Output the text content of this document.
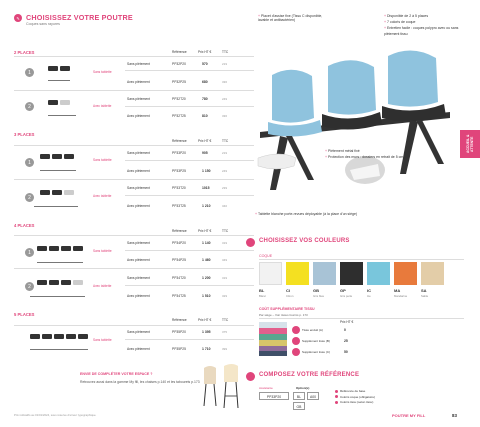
✎ CHOISISSEZ VOTRE POUTRE
Coques sans rayures
2 PLACES	Référence	Prix HT €	TTC
1	Sans tablette
Sans piètement	PP32P20	570	219
Avec piètement	PP32P25	680	336
2	Avec tablette
Sans piètement	PP32T20	780	249
Avec piètement	PP32T25	810	336
3 PLACES
Référence	Prix HT €	TTC
1	Sans tablette
Sans piètement	PP33P20	905	219
Avec piètement	PP33P25	1 150	249
2	Avec tablette
Sans piètement	PP33T20	1015	239
Avec piètement	PP33T25	1 210	340
4 PLACES
Référence	Prix HT €	TTC
1	Sans tablette
Sans piètement	PP34P20	1 140	319
Avec piètement	PP34P25	1 460	349
2	Avec tablette
Sans piètement	PP34T20	1 200	319
Avec piètement	PP34T25	1 510	329
5 PLACES
Référence	Prix HT €	TTC
Sans tablette
Sans piètement	PP35P20	1 395	375
Avec piètement	PP35P25	1 710	399
ENVIE DE COMPLÉTER VOTRE ESPACE ?
Retrouvez aussi dans la gamme My fill, les chaises p.140 et les tabourets p.173
Prix indicatifs au 01/01/2024, sous réserve d'erreur typographique.
+ Placet d'assise fixe (Tissu C disponible, lavable et antibactérien)
+ Disponible de 2 à 5 places
+ 7 coloris de coque
+ Entretien facile : coques polypro avec ou sans piètement tissu
+ Piètement métal fixé
+ Protection des murs : dossiers en retrait de 5 cm
+ Tablette blanche porte-revues déployable (à la place d'un siège)
ACCUEIL & ATTENTE
CHOISISSEZ VOS COULEURS
COQUE
BL	CI	GB	GP	IC	MA	SA
Blanc	Citron	Gris bleu	Gris perle	Ice	Mandarine	Sable
COÛT SUPPLÉMENTAIRE TISSU
Par siège – Voir tissus fournis p. 173
Prix HT €
Tissu enduit (A)	0
Supplément tissu (B)	25
Supplément tissu (C)	50
COMPOSEZ VOTRE RÉFÉRENCE
Assistante	Option(s)
PP33P20	BL	A00
GB
Référence de base
Coloris coque (obligatoire)
Coloris tissu (selon tissu)
POUTRE MY FILL	83
